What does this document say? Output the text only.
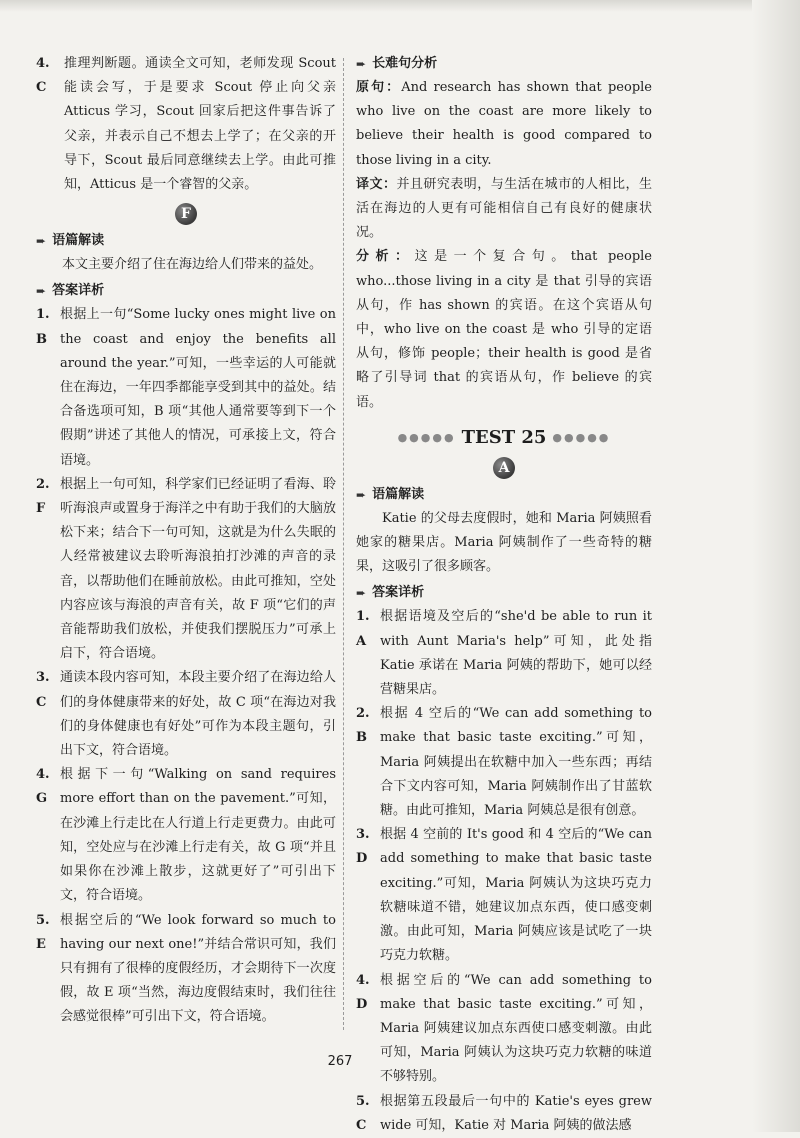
4. C
推理判断题。通读全文可知，老师发现 Scout 能读会写，于是要求 Scout 停止向父亲 Atticus 学习，Scout 回家后把这件事告诉了父亲，并表示自己不想去上学了；在父亲的开导下，Scout 最后同意继续去上学。由此可推知，Atticus 是一个睿智的父亲。
F
➨ 语篇解读

本文主要介绍了住在海边给人们带来的益处。

➨ 答案详析
1. B
根据上一句“Some lucky ones might live on the coast and enjoy the benefits all around the year.”可知，一些幸运的人可能就住在海边，一年四季都能享受到其中的益处。结合备选项可知，B 项“其他人通常要等到下一个假期”讲述了其他人的情况，可承接上文，符合语境。
2. F
根据上一句可知，科学家们已经证明了看海、聆听海浪声或置身于海洋之中有助于我们的大脑放松下来；结合下一句可知，这就是为什么失眠的人经常被建议去聆听海浪拍打沙滩的声音的录音，以帮助他们在睡前放松。由此可推知，空处内容应该与海浪的声音有关，故 F 项“它们的声音能帮助我们放松，并使我们摆脱压力”可承上启下，符合语境。
3. C
通读本段内容可知，本段主要介绍了在海边给人们的身体健康带来的好处，故 C 项“在海边对我们的身体健康也有好处”可作为本段主题句，引出下文，符合语境。
4. G
根据下一句“Walking on sand requires more effort than on the pavement.”可知，在沙滩上行走比在人行道上行走更费力。由此可知，空处应与在沙滩上行走有关，故 G 项“并且如果你在沙滩上散步，这就更好了”可引出下文，符合语境。
5. E
根据空后的“We look forward so much to having our next one!”并结合常识可知，我们只有拥有了很棒的度假经历，才会期待下一次度假，故 E 项“当然，海边度假结束时，我们往往会感觉很棒”可引出下文，符合语境。
➨ 长难句分析

原句：And research has shown that people who live on the coast are more likely to believe their health is good compared to those living in a city.

译文：并且研究表明，与生活在城市的人相比，生活在海边的人更有可能相信自己有良好的健康状况。

分析：这是一个复合句。that people who...those living in a city 是 that 引导的宾语从句，作 has shown 的宾语。在这个宾语从句中，who live on the coast 是 who 引导的定语从句，修饰 people；their health is good 是省略了引导词 that 的宾语从句，作 believe 的宾语。

●●●●● TEST 25 ●●●●●
A
➨ 语篇解读

Katie 的父母去度假时，她和 Maria 阿姨照看她家的糖果店。Maria 阿姨制作了一些奇特的糖果，这吸引了很多顾客。

➨ 答案详析
1. A
根据语境及空后的“she'd be able to run it with Aunt Maria's help”可知，此处指 Katie 承诺在 Maria 阿姨的帮助下，她可以经营糖果店。
2. B
根据 4 空后的“We can add something to make that basic taste exciting.”可知，Maria 阿姨提出在软糖中加入一些东西；再结合下文内容可知，Maria 阿姨制作出了甘蓝软糖。由此可推知，Maria 阿姨总是很有创意。
3. D
根据 4 空前的 It's good 和 4 空后的“We can add something to make that basic taste exciting.”可知，Maria 阿姨认为这块巧克力软糖味道不错，她建议加点东西，使口感变刺激。由此可知，Maria 阿姨应该是试吃了一块巧克力软糖。
4. D
根据空后的“We can add something to make that basic taste exciting.”可知，Maria 阿姨建议加点东西使口感变刺激。由此可知，Maria 阿姨认为这块巧克力软糖的味道不够特别。
5. C
根据第五段最后一句中的 Katie's eyes grew wide 可知，Katie 对 Maria 阿姨的做法感
267
